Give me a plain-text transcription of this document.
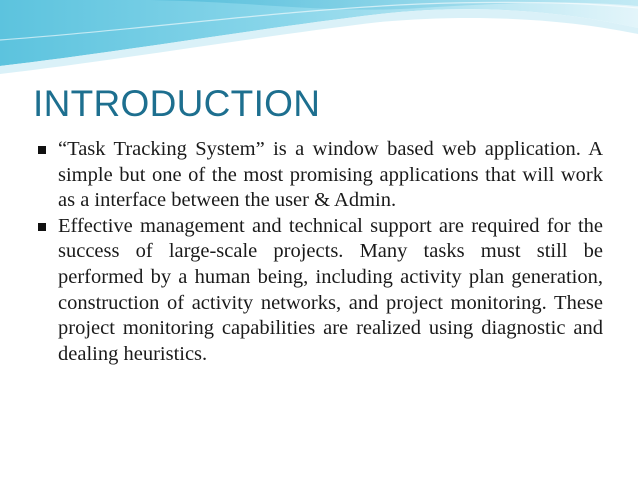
INTRODUCTION
“Task Tracking System” is a window based web application. A simple but one of the most promising applications that will work as a interface between the user & Admin.
Effective management and technical support are required for the success of large-scale projects. Many tasks must still be performed by a human being, including activity plan generation, construction of activity networks, and project monitoring. These project monitoring capabilities are realized using diagnostic and dealing heuristics.
